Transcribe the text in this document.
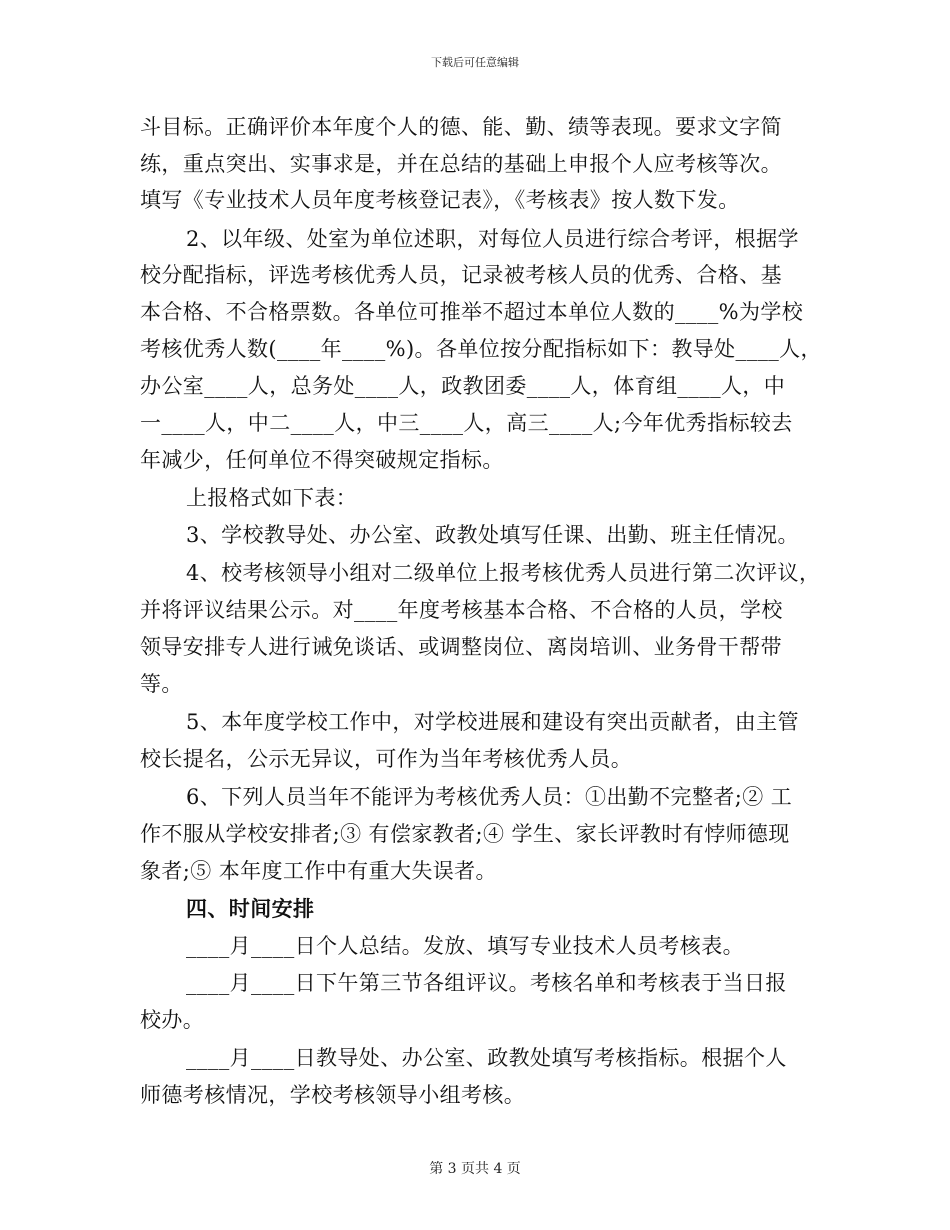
下载后可任意编辑
斗目标。正确评价本年度个人的德、能、勤、绩等表现。要求文字简
练，重点突出、实事求是，并在总结的基础上申报个人应考核等次。
填写《专业技术人员年度考核登记表》，《考核表》按人数下发。
2、以年级、处室为单位述职，对每位人员进行综合考评，根据学
校分配指标，评选考核优秀人员，记录被考核人员的优秀、合格、基
本合格、不合格票数。各单位可推举不超过本单位人数的____%为学校
考核优秀人数(____年____%)。各单位按分配指标如下：教导处____人，
办公室____人，总务处____人，政教团委____人，体育组____人，中
一____人，中二____人，中三____人，高三____人;今年优秀指标较去
年减少，任何单位不得突破规定指标。
上报格式如下表：
3、学校教导处、办公室、政教处填写任课、出勤、班主任情况。
4、校考核领导小组对二级单位上报考核优秀人员进行第二次评议，
并将评议结果公示。对____年度考核基本合格、不合格的人员，学校
领导安排专人进行诫免谈话、或调整岗位、离岗培训、业务骨干帮带
等。
5、本年度学校工作中，对学校进展和建设有突出贡献者，由主管
校长提名，公示无异议，可作为当年考核优秀人员。
6、下列人员当年不能评为考核优秀人员：①出勤不完整者;② 工
作不服从学校安排者;③ 有偿家教者;④ 学生、家长评教时有悖师德现
象者;⑤ 本年度工作中有重大失误者。
四、时间安排
____月____日个人总结。发放、填写专业技术人员考核表。
____月____日下午第三节各组评议。考核名单和考核表于当日报
校办。
____月____日教导处、办公室、政教处填写考核指标。根据个人
师德考核情况，学校考核领导小组考核。
第 3 页共 4 页
